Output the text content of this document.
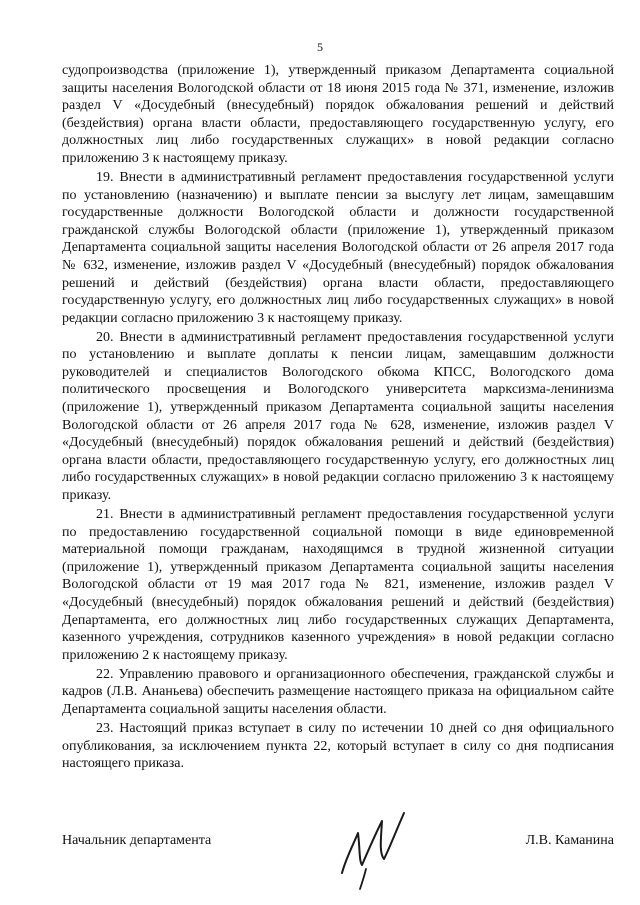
5

судопроизводства (приложение 1), утвержденный приказом Департамента социальной защиты населения Вологодской области от 18 июня 2015 года № 371, изменение, изложив раздел V «Досудебный (внесудебный) порядок обжалования решений и действий (бездействия) органа власти области, предоставляющего государственную услугу, его должностных лиц либо государственных служащих» в новой редакции согласно приложению 3 к настоящему приказу.

19. Внести в административный регламент предоставления государственной услуги по установлению (назначению) и выплате пенсии за выслугу лет лицам, замещавшим государственные должности Вологодской области и должности государственной гражданской службы Вологодской области (приложение 1), утвержденный приказом Департамента социальной защиты населения Вологодской области от 26 апреля 2017 года № 632, изменение, изложив раздел V «Досудебный (внесудебный) порядок обжалования решений и действий (бездействия) органа власти области, предоставляющего государственную услугу, его должностных лиц либо государственных служащих» в новой редакции согласно приложению 3 к настоящему приказу.

20. Внести в административный регламент предоставления государственной услуги по установлению и выплате доплаты к пенсии лицам, замещавшим должности руководителей и специалистов Вологодского обкома КПСС, Вологодского дома политического просвещения и Вологодского университета марксизма-ленинизма (приложение 1), утвержденный приказом Департамента социальной защиты населения Вологодской области от 26 апреля 2017 года № 628, изменение, изложив раздел V «Досудебный (внесудебный) порядок обжалования решений и действий (бездействия) органа власти области, предоставляющего государственную услугу, его должностных лиц либо государственных служащих» в новой редакции согласно приложению 3 к настоящему приказу.

21. Внести в административный регламент предоставления государственной услуги по предоставлению государственной социальной помощи в виде единовременной материальной помощи гражданам, находящимся в трудной жизненной ситуации (приложение 1), утвержденный приказом Департамента социальной защиты населения Вологодской области от 19 мая 2017 года № 821, изменение, изложив раздел V «Досудебный (внесудебный) порядок обжалования решений и действий (бездействия) Департамента, его должностных лиц либо государственных служащих Департамента, казенного учреждения, сотрудников казенного учреждения» в новой редакции согласно приложению 2 к настоящему приказу.

22. Управлению правового и организационного обеспечения, гражданской службы и кадров (Л.В. Ананьева) обеспечить размещение настоящего приказа на официальном сайте Департамента социальной защиты населения области.

23. Настоящий приказ вступает в силу по истечении 10 дней со дня официального опубликования, за исключением пункта 22, который вступает в силу со дня подписания настоящего приказа.

Начальник департамента	Л.В. Каманина
